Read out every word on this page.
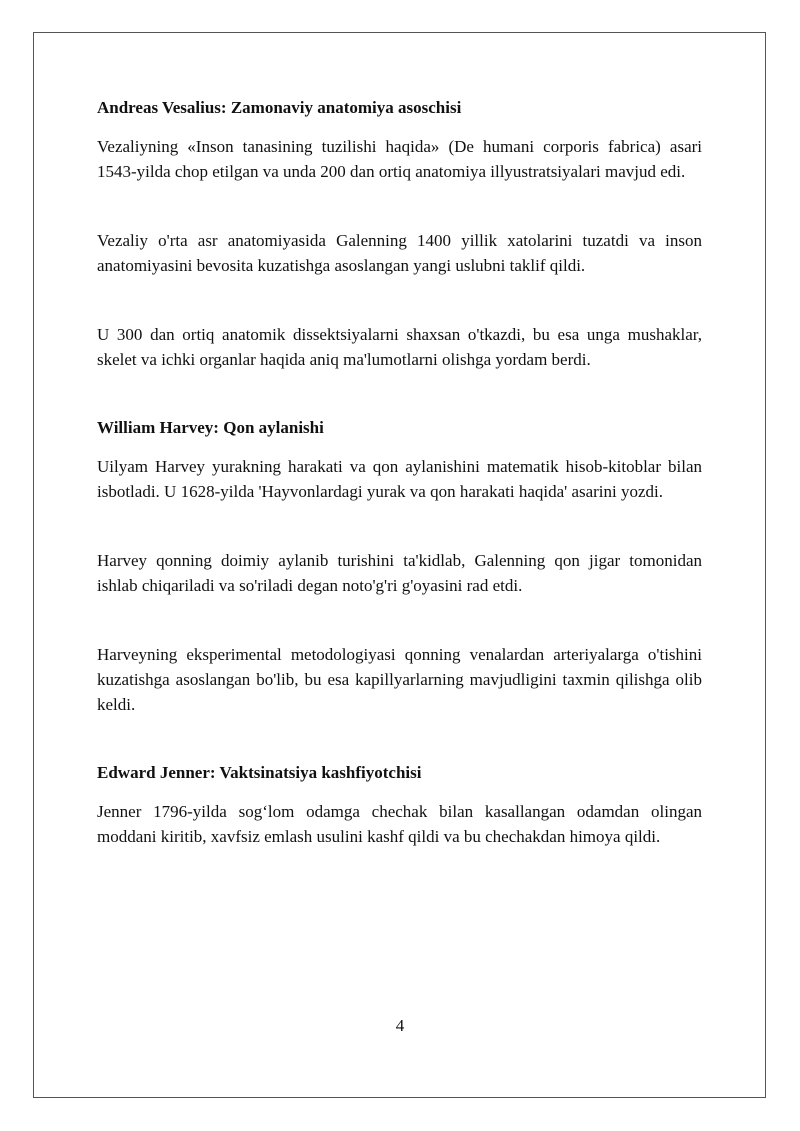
Andreas Vesalius: Zamonaviy anatomiya asoschisi

Vezaliyning «Inson tanasining tuzilishi haqida» (De humani corporis fabrica) asari 1543-yilda chop etilgan va unda 200 dan ortiq anatomiya illyustratsiyalari mavjud edi.

Vezaliy o'rta asr anatomiyasida Galenning 1400 yillik xatolarini tuzatdi va inson anatomiyasini bevosita kuzatishga asoslangan yangi uslubni taklif qildi.

U 300 dan ortiq anatomik dissektsiyalarni shaxsan o'tkazdi, bu esa unga mushaklar, skelet va ichki organlar haqida aniq ma'lumotlarni olishga yordam berdi.

William Harvey: Qon aylanishi

Uilyam Harvey yurakning harakati va qon aylanishini matematik hisob-kitoblar bilan isbotladi. U 1628-yilda 'Hayvonlardagi yurak va qon harakati haqida' asarini yozdi.

Harvey qonning doimiy aylanib turishini ta'kidlab, Galenning qon jigar tomonidan ishlab chiqariladi va so'riladi degan noto'g'ri g'oyasini rad etdi.

Harveyning eksperimental metodologiyasi qonning venalardan arteriyalarga o'tishini kuzatishga asoslangan bo'lib, bu esa kapillyarlarning mavjudligini taxmin qilishga olib keldi.

Edward Jenner: Vaktsinatsiya kashfiyotchisi

Jenner 1796-yilda sog‘lom odamga chechak bilan kasallangan odamdan olingan moddani kiritib, xavfsiz emlash usulini kashf qildi va bu chechakdan himoya qildi.

4
